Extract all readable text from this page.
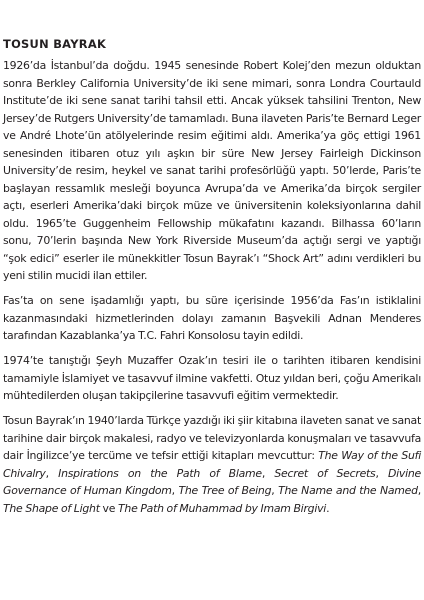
TOSUN BAYRAK

1926’da İstanbul’da doğdu. 1945 senesinde Robert Kolej’den mezun olduktan sonra Berkley California University’de iki sene mimari, sonra Londra Courtauld Institute’de iki sene sanat tarihi tahsil etti. Ancak yüksek tahsilini Trenton, New Jersey’de Rutgers University’de tamamladı. Buna ilaveten Paris’te Bernard Leger ve André Lhote’ün atölyelerinde resim eğitimi aldı. Amerika’ya göç ettigi 1961 senesinden itibaren otuz yılı aşkın bir süre New Jersey Fairleigh Dickinson University’de resim, heykel ve sanat tarihi profesörlüğü yaptı. 50’lerde, Paris’te başlayan ressamlık mesleği boyunca Avrupa’da ve Amerika’da birçok sergiler açtı, eserleri Amerika’daki birçok müze ve üniversitenin koleksiyonlarına dahil oldu. 1965’te Guggenheim Fellowship mükafatını kazandı. Bilhassa 60’ların sonu, 70’lerin başında New York Riverside Museum’da açtığı sergi ve yaptığı “şok edici” eserler ile münekkitler Tosun Bayrak’ı “Shock Art” adını verdikleri bu yeni stilin mucidi ilan ettiler.

Fas’ta on sene işadamlığı yaptı, bu süre içerisinde 1956’da Fas’ın istiklalini kazanmasındaki hizmetlerinden dolayı zamanın Başvekili Adnan Menderes tarafından Kazablanka’ya T.C. Fahri Konsolosu tayin edildi.

1974’te tanıştığı Şeyh Muzaffer Ozak’ın tesiri ile o tarihten itibaren kendisini tamamiyle İslamiyet ve tasavvuf ilmine vakfetti. Otuz yıldan beri, çoğu Amerikalı mühtedilerden oluşan takipçilerine tasavvufi eğitim vermektedir.

Tosun Bayrak’ın 1940’larda Türkçe yazdığı iki şiir kitabına ilaveten sanat ve sanat tarihine dair birçok makalesi, radyo ve televizyonlarda konuşmaları ve tasavvufa dair İngilizce’ye tercüme ve tefsir ettiği kitapları mevcuttur: The Way of the Sufi Chivalry, Inspirations on the Path of Blame, Secret of Secrets, Divine Governance of Human Kingdom, The Tree of Being, The Name and the Named, The Shape of Light ve The Path of Muhammad by Imam Birgivi.
